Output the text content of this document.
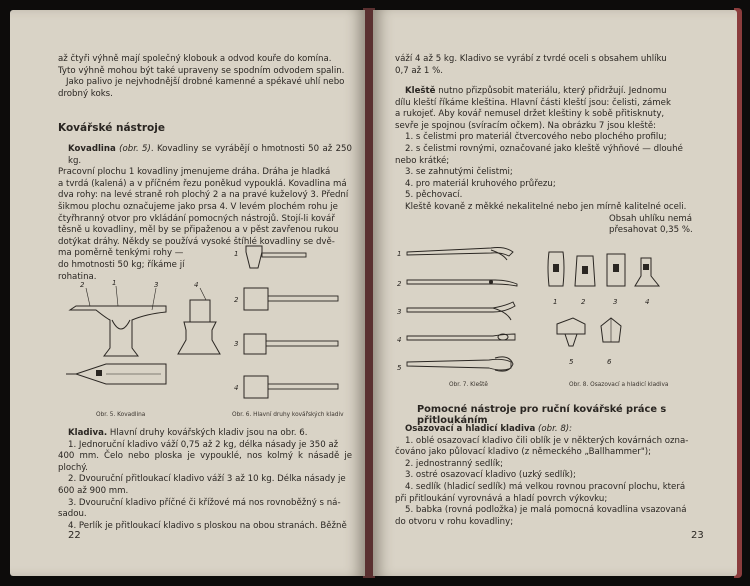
až čtyři výhně mají společný klobouk a odvod kouře do komína.
Tyto výhně mohou být také upraveny se spodním odvodem spalin.
Jako palivo je nejvhodnější drobné kamenné a spékavé uhlí nebo
drobný koks.
Kovářské nástroje
Kovadlina (obr. 5). Kovadliny se vyrábějí o hmotnosti 50 až 250 kg.
Pracovní plochu 1 kovadliny jmenujeme dráha. Dráha je hladká
a tvrdá (kalená) a v příčném řezu poněkud vypouklá. Kovadlina má
dva rohy: na levé straně roh plochý 2 a na pravé kuželový 3. Přední
šikmou plochu označujeme jako prsa 4. V levém plochém rohu je
čtyřhranný otvor pro vkládání pomocných nástrojů. Stojí-li kovář
těsně u kovadliny, měl by se připaženou a v pěst zavřenou rukou
dotýkat dráhy. Někdy se používá vysoké štíhlé kovadliny se dvě-
ma poměrně tenkými rohy —
do hmotnosti 50 kg; říkáme jí
rohatina.
2	1	3	4
Obr. 5. Kovadlina
1
2
3
4
Obr. 6. Hlavní druhy kovářských kladiv
Kladiva. Hlavní druhy kovářských kladiv jsou na obr. 6.
1. Jednoruční kladivo váží 0,75 až 2 kg, délka násady je 350 až
400 mm. Čelo nebo ploska je vypouklé, nos kolmý k násadě je plochý.
2. Dvouruční přitloukací kladivo váží 3 až 10 kg. Délka násady je
600 až 900 mm.
3. Dvouruční kladivo příčné či křížové má nos rovnoběžný s ná-
sadou.
4. Perlík je přitloukací kladivo s ploskou na obou stranách. Běžně
22
váží 4 až 5 kg. Kladivo se vyrábí z tvrdé oceli s obsahem uhlíku
0,7 až 1 %.
Kleště nutno přizpůsobit materiálu, který přidržují. Jednomu
dílu kleští říkáme kleština. Hlavní části kleští jsou: čelisti, zámek
a rukojeť. Aby kovář nemusel držet kleštiny k sobě přitisknuty,
sevře je spojnou (svíracím očkem). Na obrázku 7 jsou kleště:
1. s čelistmi pro materiál čtvercového nebo plochého profilu;
2. s čelistmi rovnými, označované jako kleště výhňové — dlouhé
nebo krátké;
3. se zahnutými čelistmi;
4. pro materiál kruhového průřezu;
5. pěchovací.
Kleště kovaně z měkké nekalitelné nebo jen mírně kalitelné oceli.
Obsah uhlíku nemá
přesahovat 0,35 %.
1
2
3
4
5
Obr. 7. Kleště
1	2	3	4
5	6
Obr. 8. Osazovací a hladicí kladiva
Pomocné nástroje pro ruční kovářské práce s přitloukáním
Osazovací a hladicí kladiva (obr. 8):
1. oblé osazovací kladivo čili oblík je v některých kovárnách ozna-
čováno jako půlovací kladivo (z německého „Ballhammer");
2. jednostranný sedlík;
3. ostré osazovací kladivo (uzký sedlík);
4. sedlík (hladicí sedlík) má velkou rovnou pracovní plochu, která
při přitloukání vyrovnává a hladí povrch výkovku;
5. babka (rovná podložka) je malá pomocná kovadlina vsazovaná
do otvoru v rohu kovadliny;
23
